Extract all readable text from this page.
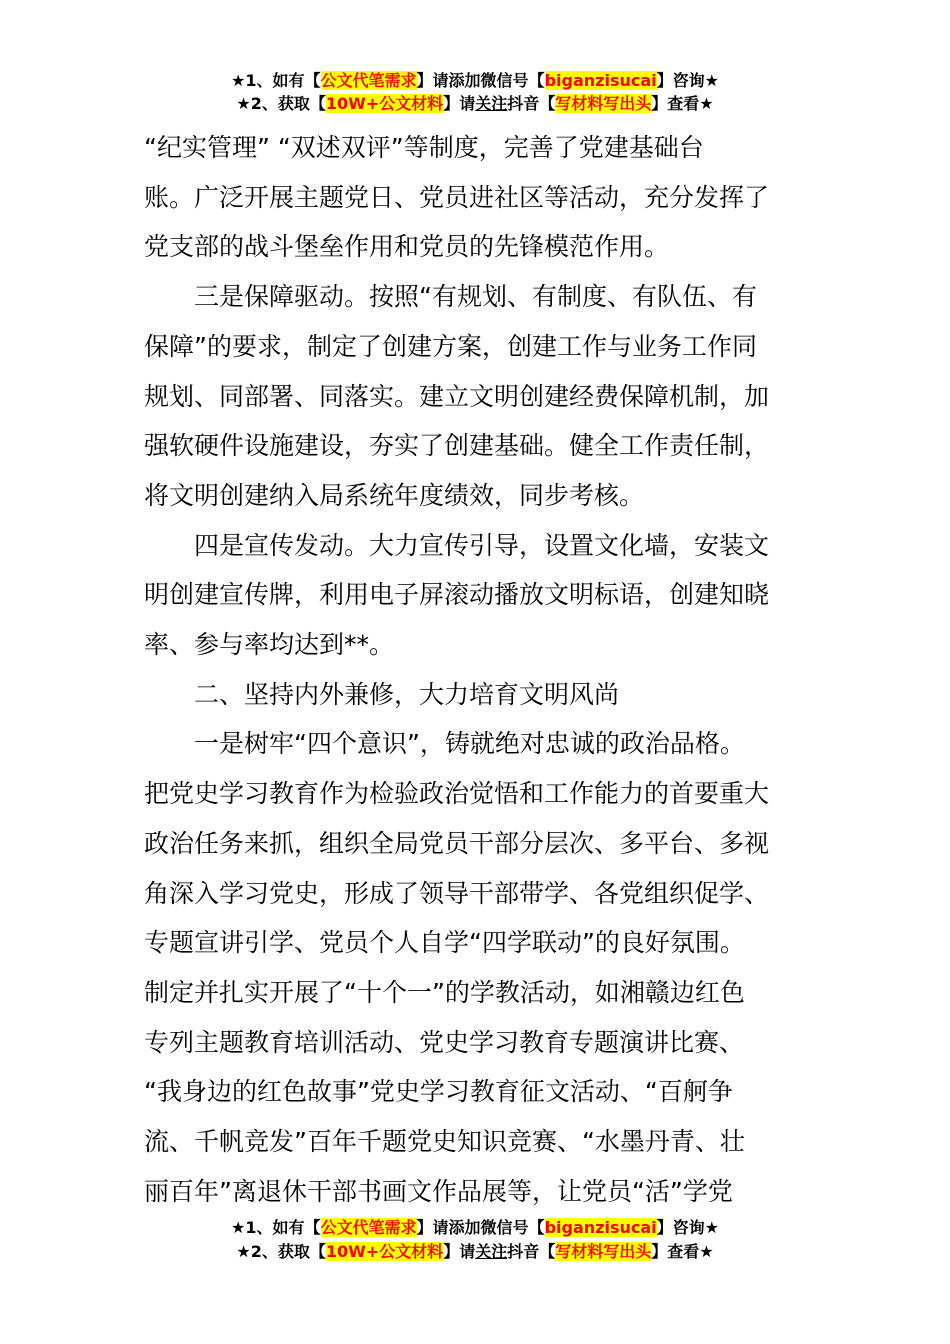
★1、如有【公文代笔需求】请添加微信号【biganzisucai】咨询★
★2、获取【10W+公文材料】请关注抖音【写材料写出头】查看★

“纪实管理” “双述双评”等制度，完善了党建基础台
账。广泛开展主题党日、党员进社区等活动，充分发挥了
党支部的战斗堡垒作用和党员的先锋模范作用。

三是保障驱动。按照“有规划、有制度、有队伍、有
保障”的要求，制定了创建方案，创建工作与业务工作同
规划、同部署、同落实。建立文明创建经费保障机制，加
强软硬件设施建设，夯实了创建基础。健全工作责任制，
将文明创建纳入局系统年度绩效，同步考核。

四是宣传发动。大力宣传引导，设置文化墙，安装文
明创建宣传牌，利用电子屏滚动播放文明标语，创建知晓
率、参与率均达到**。

二、坚持内外兼修，大力培育文明风尚

一是树牢“四个意识”，铸就绝对忠诚的政治品格。
把党史学习教育作为检验政治觉悟和工作能力的首要重大
政治任务来抓，组织全局党员干部分层次、多平台、多视
角深入学习党史，形成了领导干部带学、各党组织促学、
专题宣讲引学、党员个人自学“四学联动”的良好氛围。
制定并扎实开展了“十个一”的学教活动，如湘赣边红色
专列主题教育培训活动、党史学习教育专题演讲比赛、
“我身边的红色故事”党史学习教育征文活动、“百舸争
流、千帆竞发”百年千题党史知识竞赛、“水墨丹青、壮
丽百年”离退休干部书画文作品展等，让党员“活”学党

★1、如有【公文代笔需求】请添加微信号【biganzisucai】咨询★
★2、获取【10W+公文材料】请关注抖音【写材料写出头】查看★
